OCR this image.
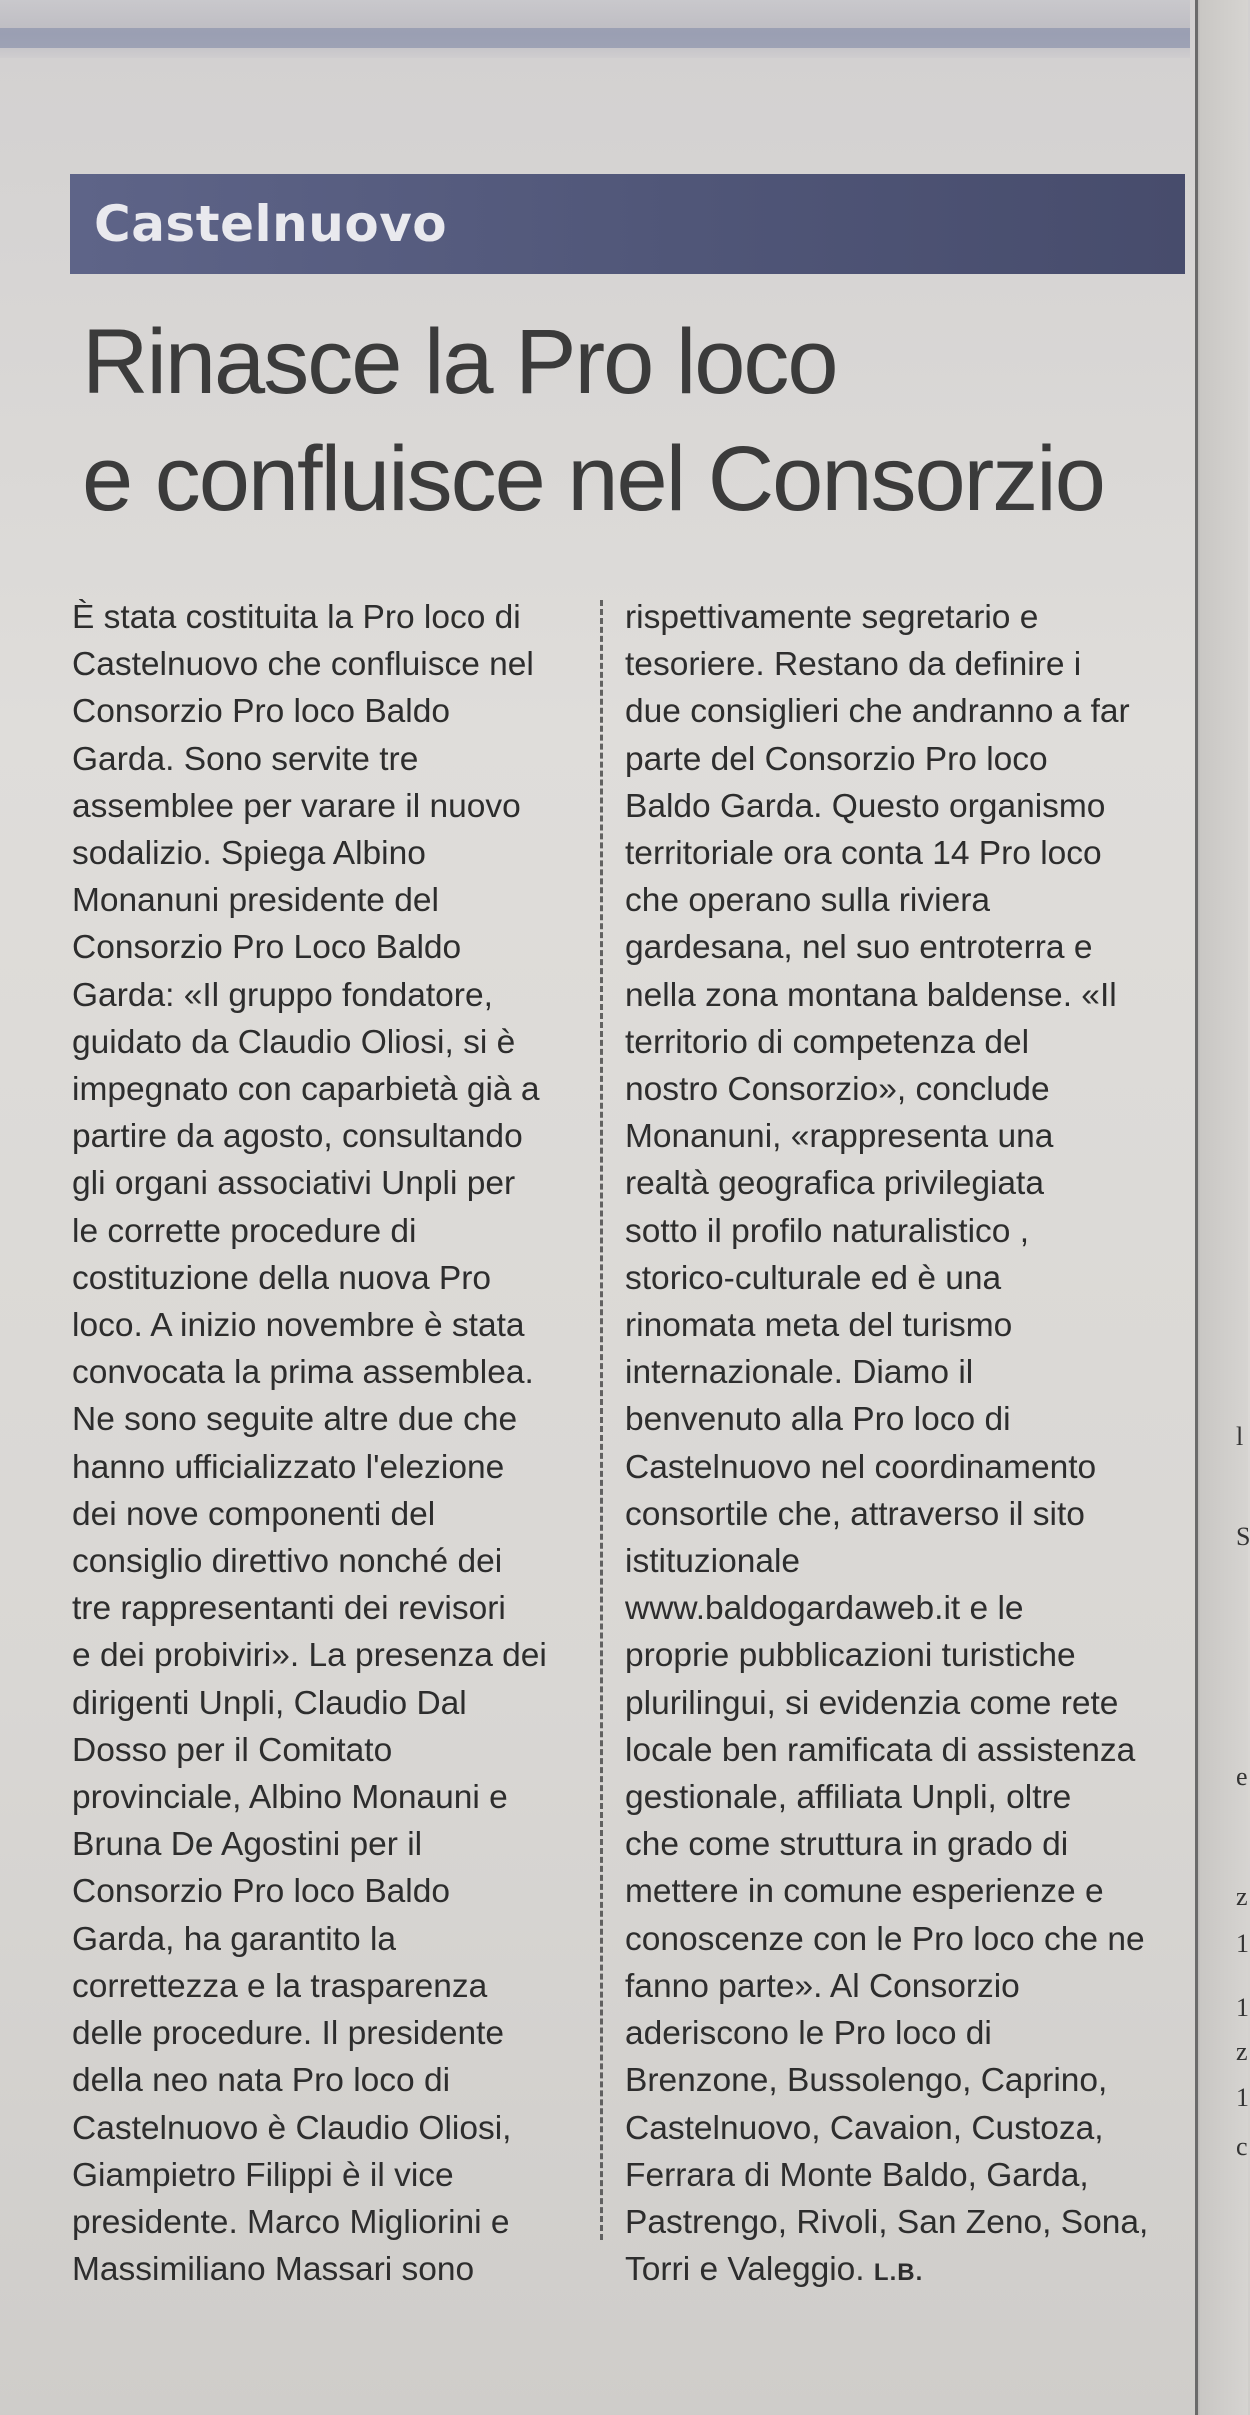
l
S
e
z
1
1
z
1
c
Castelnuovo
Rinasce la Pro loco
e confluisce nel Consorzio
È stata costituita la Pro loco di
Castelnuovo che confluisce nel
Consorzio Pro loco Baldo
Garda. Sono servite tre
assemblee per varare il nuovo
sodalizio. Spiega Albino
Monanuni presidente del
Consorzio Pro Loco Baldo
Garda: «Il gruppo fondatore,
guidato da Claudio Oliosi, si è
impegnato con caparbietà già a
partire da agosto, consultando
gli organi associativi Unpli per
le corrette procedure di
costituzione della nuova Pro
loco. A inizio novembre è stata
convocata la prima assemblea.
Ne sono seguite altre due che
hanno ufficializzato l'elezione
dei nove componenti del
consiglio direttivo nonché dei
tre rappresentanti dei revisori
e dei probiviri». La presenza dei
dirigenti Unpli, Claudio Dal
Dosso per il Comitato
provinciale, Albino Monauni e
Bruna De Agostini per il
Consorzio Pro loco Baldo
Garda, ha garantito la
correttezza e la trasparenza
delle procedure. Il presidente
della neo nata Pro loco di
Castelnuovo è Claudio Oliosi,
Giampietro Filippi è il vice
presidente. Marco Migliorini e
Massimiliano Massari sono
rispettivamente segretario e
tesoriere. Restano da definire i
due consiglieri che andranno a far
parte del Consorzio Pro loco
Baldo Garda. Questo organismo
territoriale ora conta 14 Pro loco
che operano sulla riviera
gardesana, nel suo entroterra e
nella zona montana baldense. «Il
territorio di competenza del
nostro Consorzio», conclude
Monanuni, «rappresenta una
realtà geografica privilegiata
sotto il profilo naturalistico ,
storico-culturale ed è una
rinomata meta del turismo
internazionale. Diamo il
benvenuto alla Pro loco di
Castelnuovo nel coordinamento
consortile che, attraverso il sito
istituzionale
www.baldogardaweb.it e le
proprie pubblicazioni turistiche
plurilingui, si evidenzia come rete
locale ben ramificata di assistenza
gestionale, affiliata Unpli, oltre
che come struttura in grado di
mettere in comune esperienze e
conoscenze con le Pro loco che ne
fanno parte». Al Consorzio
aderiscono le Pro loco di
Brenzone, Bussolengo, Caprino,
Castelnuovo, Cavaion, Custoza,
Ferrara di Monte Baldo, Garda,
Pastrengo, Rivoli, San Zeno, Sona,
Torri e Valeggio. L.B.
